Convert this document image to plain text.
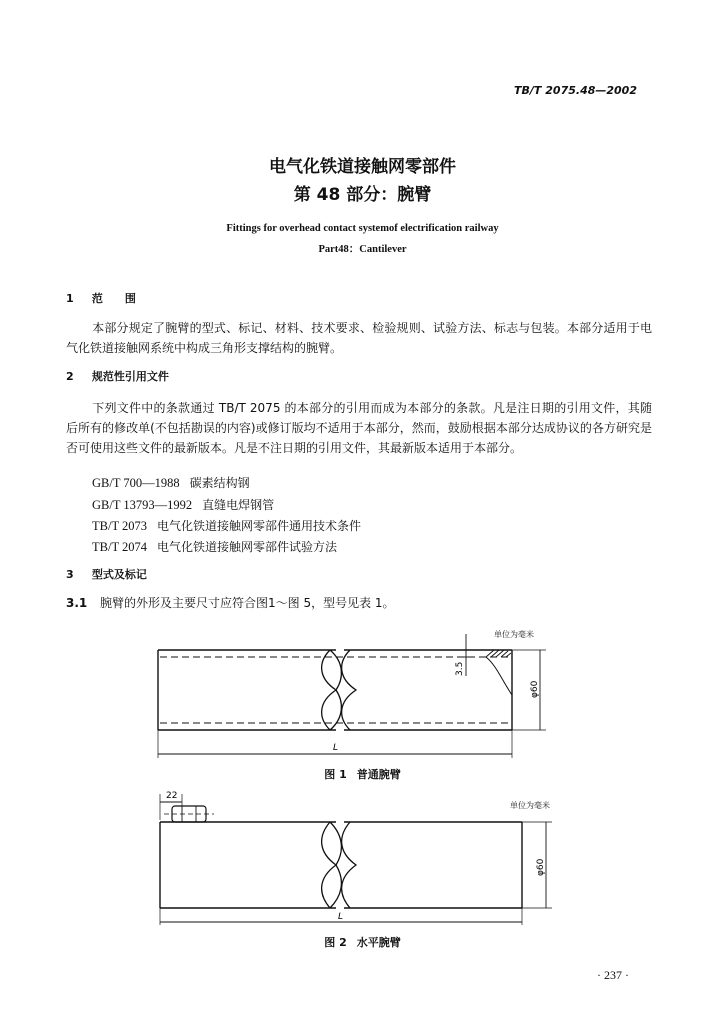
TB/T 2075.48—2002
电气化铁道接触网零部件
第 48 部分：腕臂
Fittings for overhead contact systemof electrification railway
Part48：Cantilever
1 范　　围
本部分规定了腕臂的型式、标记、材料、技术要求、检验规则、试验方法、标志与包装。本部分适用于电气化铁道接触网系统中构成三角形支撑结构的腕臂。
2 规范性引用文件
下列文件中的条款通过 TB/T 2075 的本部分的引用而成为本部分的条款。凡是注日期的引用文件，其随后所有的修改单(不包括勘误的内容)或修订版均不适用于本部分，然而，鼓励根据本部分达成协议的各方研究是否可使用这些文件的最新版本。凡是不注日期的引用文件，其最新版本适用于本部分。
GB/T 700—1988 碳素结构钢
GB/T 13793—1992 直缝电焊钢管
TB/T 2073 电气化铁道接触网零部件通用技术条件
TB/T 2074 电气化铁道接触网零部件试验方法
3 型式及标记
3.1 腕臂的外形及主要尺寸应符合图1～图 5，型号见表 1。
3.5
φ60
L
单位为毫米
图 1 普通腕臂
22
φ60
L
单位为毫米
图 2 水平腕臂
· 237 ·
